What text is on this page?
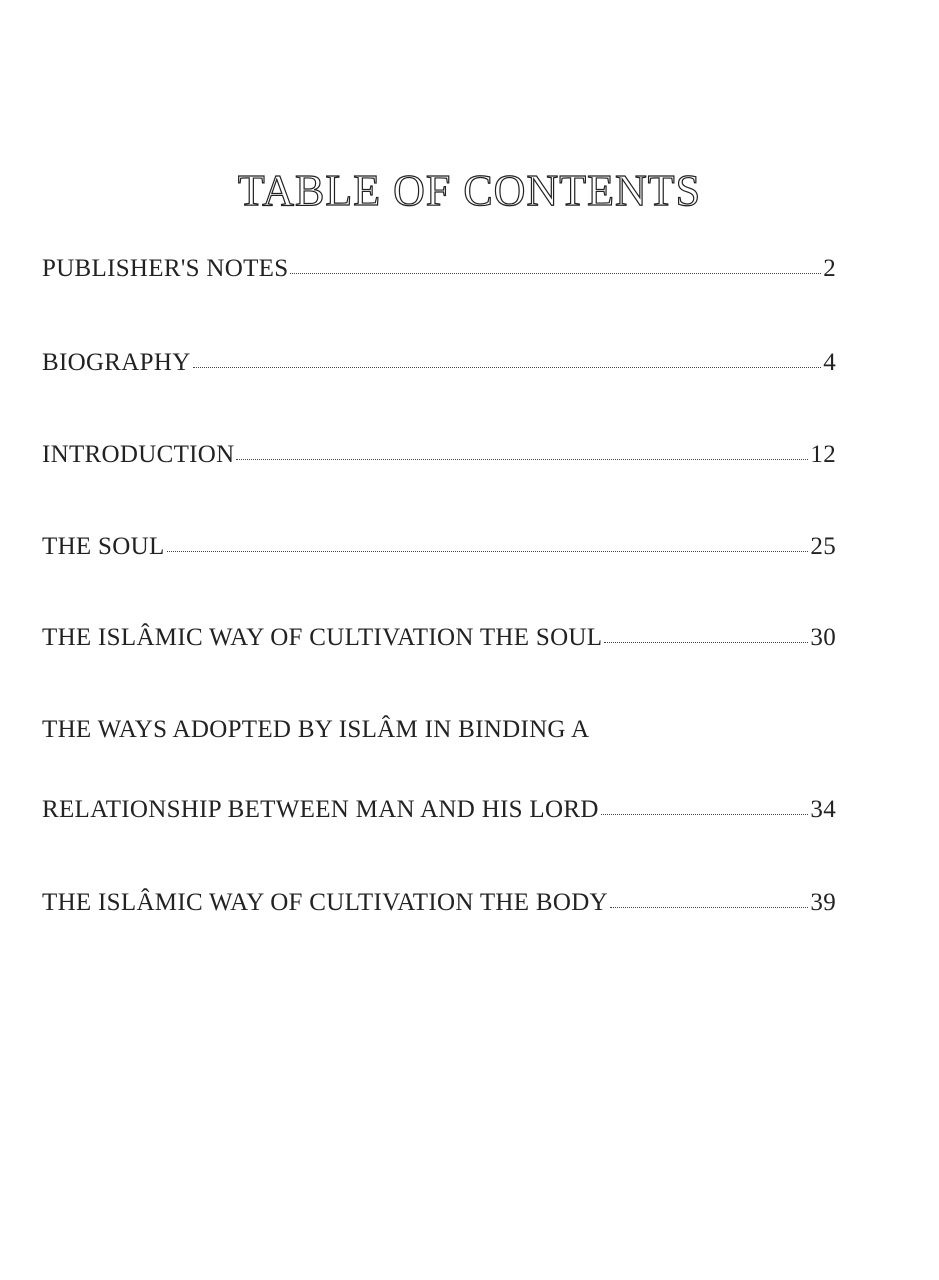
TABLE OF CONTENTS
PUBLISHER'S NOTES	2
BIOGRAPHY	4
INTRODUCTION	12
THE SOUL	25
THE ISLÂMIC WAY OF CULTIVATION THE SOUL	30
THE WAYS ADOPTED BY ISLÂM IN BINDING A
RELATIONSHIP BETWEEN MAN AND HIS LORD	34
THE ISLÂMIC WAY OF CULTIVATION THE BODY	39
